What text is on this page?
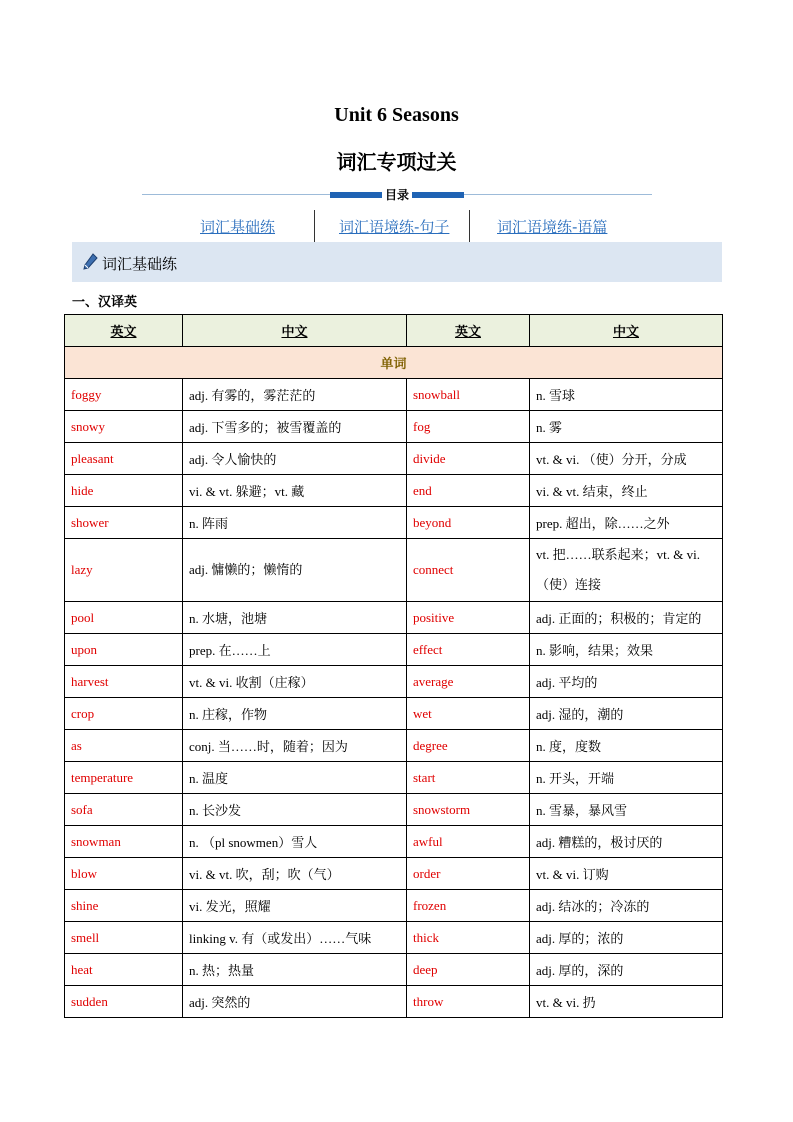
Unit 6 Seasons
词汇专项过关
目录
词汇基础练	词汇语境练-句子	词汇语境练-语篇
词汇基础练
一、汉译英
英文	中文	英文	中文
单词			
foggy	adj. 有雾的，雾茫茫的	snowball	n. 雪球
snowy	adj. 下雪多的；被雪覆盖的	fog	n. 雾
pleasant	adj. 令人愉快的	divide	vt. & vi. （使）分开，分成
hide	vi. & vt. 躲避；vt. 藏	end	vi. & vt. 结束，终止
shower	n. 阵雨	beyond	prep. 超出，除……之外
lazy	adj. 慵懒的；懒惰的	connect	vt. 把……联系起来；vt. & vi.
（使）连接

pool	n. 水塘，池塘	positive	adj. 正面的；积极的；肯定的
upon	prep. 在……上	effect	n. 影响，结果；效果
harvest	vt. & vi. 收割（庄稼）	average	adj. 平均的
crop	n. 庄稼，作物	wet	adj. 湿的，潮的
as	conj. 当……时，随着；因为	degree	n. 度，度数
temperature	n. 温度	start	n. 开头，开端
sofa	n. 长沙发	snowstorm	n. 雪暴，暴风雪
snowman	n. （pl snowmen）雪人	awful	adj. 糟糕的，极讨厌的
blow	vi. & vt. 吹，刮；吹（气）	order	vt. & vi. 订购
shine	vi. 发光，照耀	frozen	adj. 结冰的；冷冻的
smell	linking v. 有（或发出）……气味	thick	adj. 厚的；浓的
heat	n. 热；热量	deep	adj. 厚的，深的
sudden	adj. 突然的	throw	vt. & vi. 扔
